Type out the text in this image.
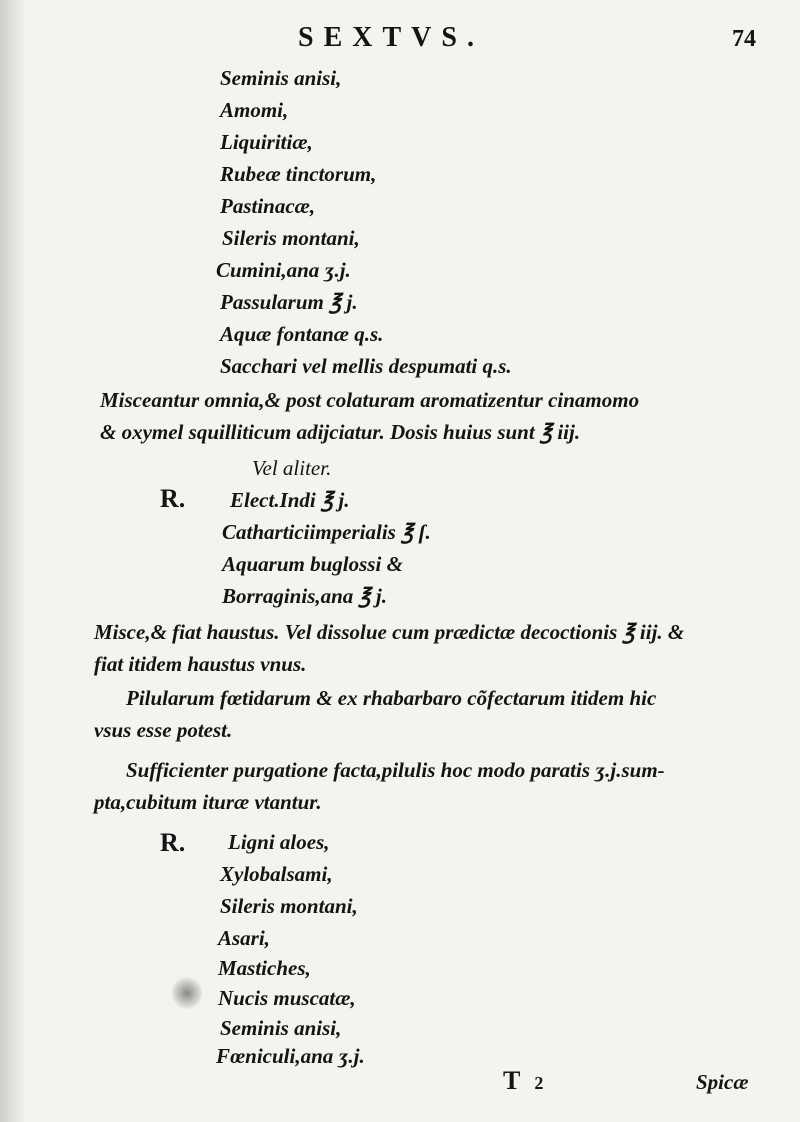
SEXTVS.	74
Seminis anisi,
Amomi,
Liquiritiæ,
Rubeæ tinctorum,
Pastinacæ,
Sileris montani,
Cumini,ana ʒ.j.
Passularum ℥ j.
Aquæ fontanæ q.s.
Sacchari vel mellis despumati q.s.
Misceantur omnia,& post colaturam aromatizentur cinamomo
& oxymel squilliticum adijciatur. Dosis huius sunt ℥ iij.
Vel aliter.
R. Elect.Indi ℥ j.
Catharticiimperialis ℥ ſ.
Aquarum buglossi &
Borraginis,ana ℥ j.
Misce,& fiat haustus. Vel dissolue cum prædictæ decoctionis ℥ iij. &
fiat itidem haustus vnus.
Pilularum fœtidarum & ex rhabarbaro cõfectarum itidem hic
vsus esse potest.
Sufficienter purgatione facta,pilulis hoc modo paratis ʒ.j.sum-
pta,cubitum ituræ vtantur.
R. Ligni aloes,
Xylobalsami,
Sileris montani,
Asari,
Mastiches,
Nucis muscatæ,
Seminis anisi,
Fœniculi,ana ʒ.j.
T 2	Spicæ
